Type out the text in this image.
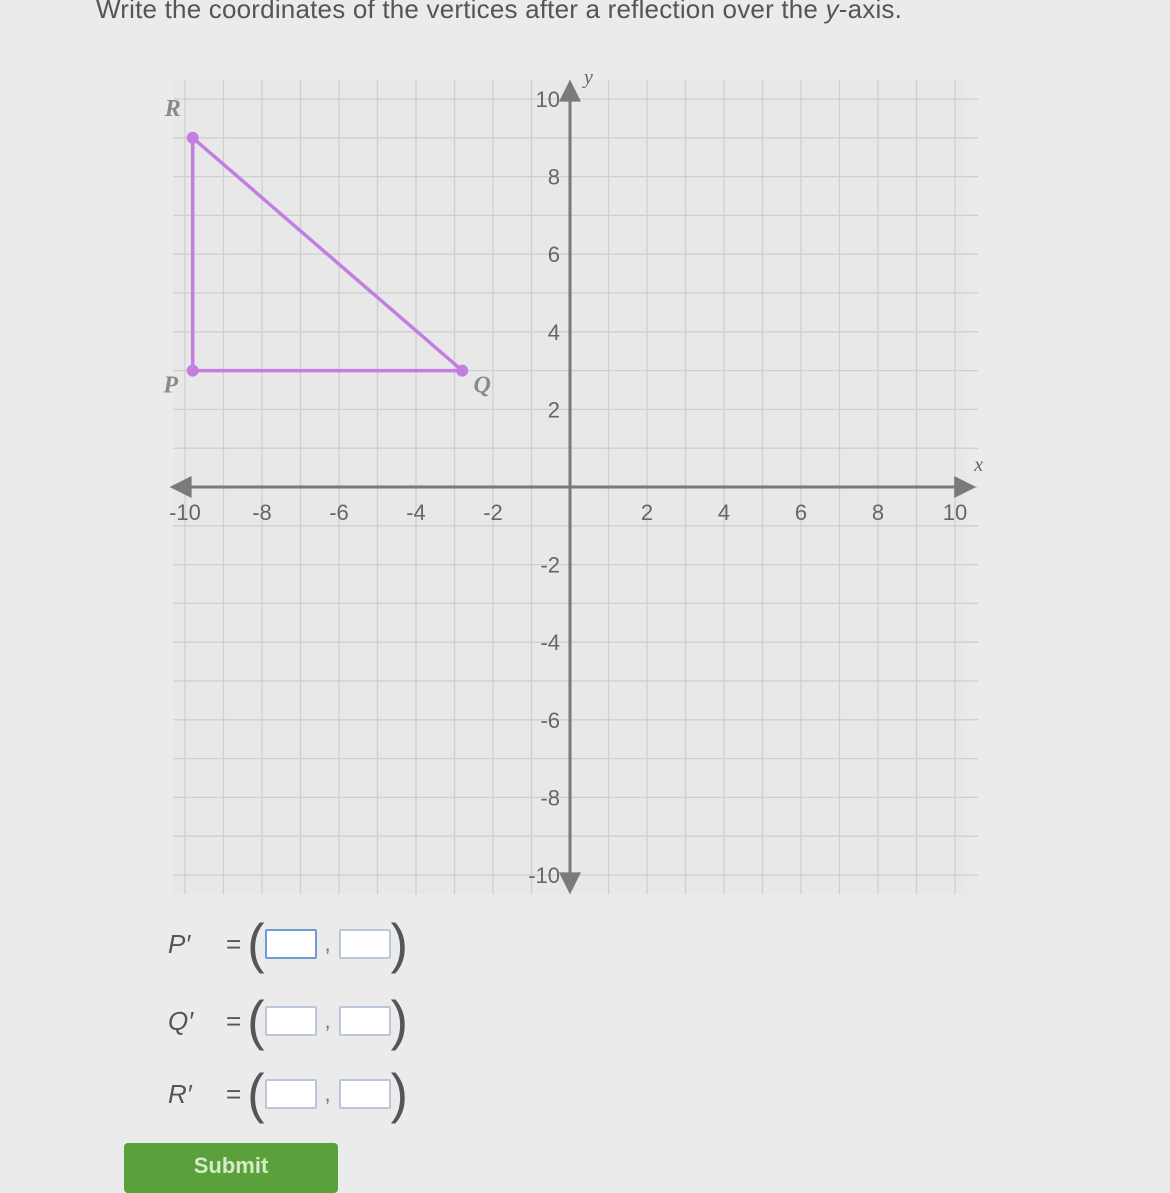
Write the coordinates of the vertices after a reflection over the y-axis.
x
y
-10 -8	-6	-4	-2	2	4	6	8	10
10
8
6
4
2
-2
-4
-6
-8
-10
R
P	Q
P′	= (	, )
Q′	= (	, )
R′	= (	, )
Submit
